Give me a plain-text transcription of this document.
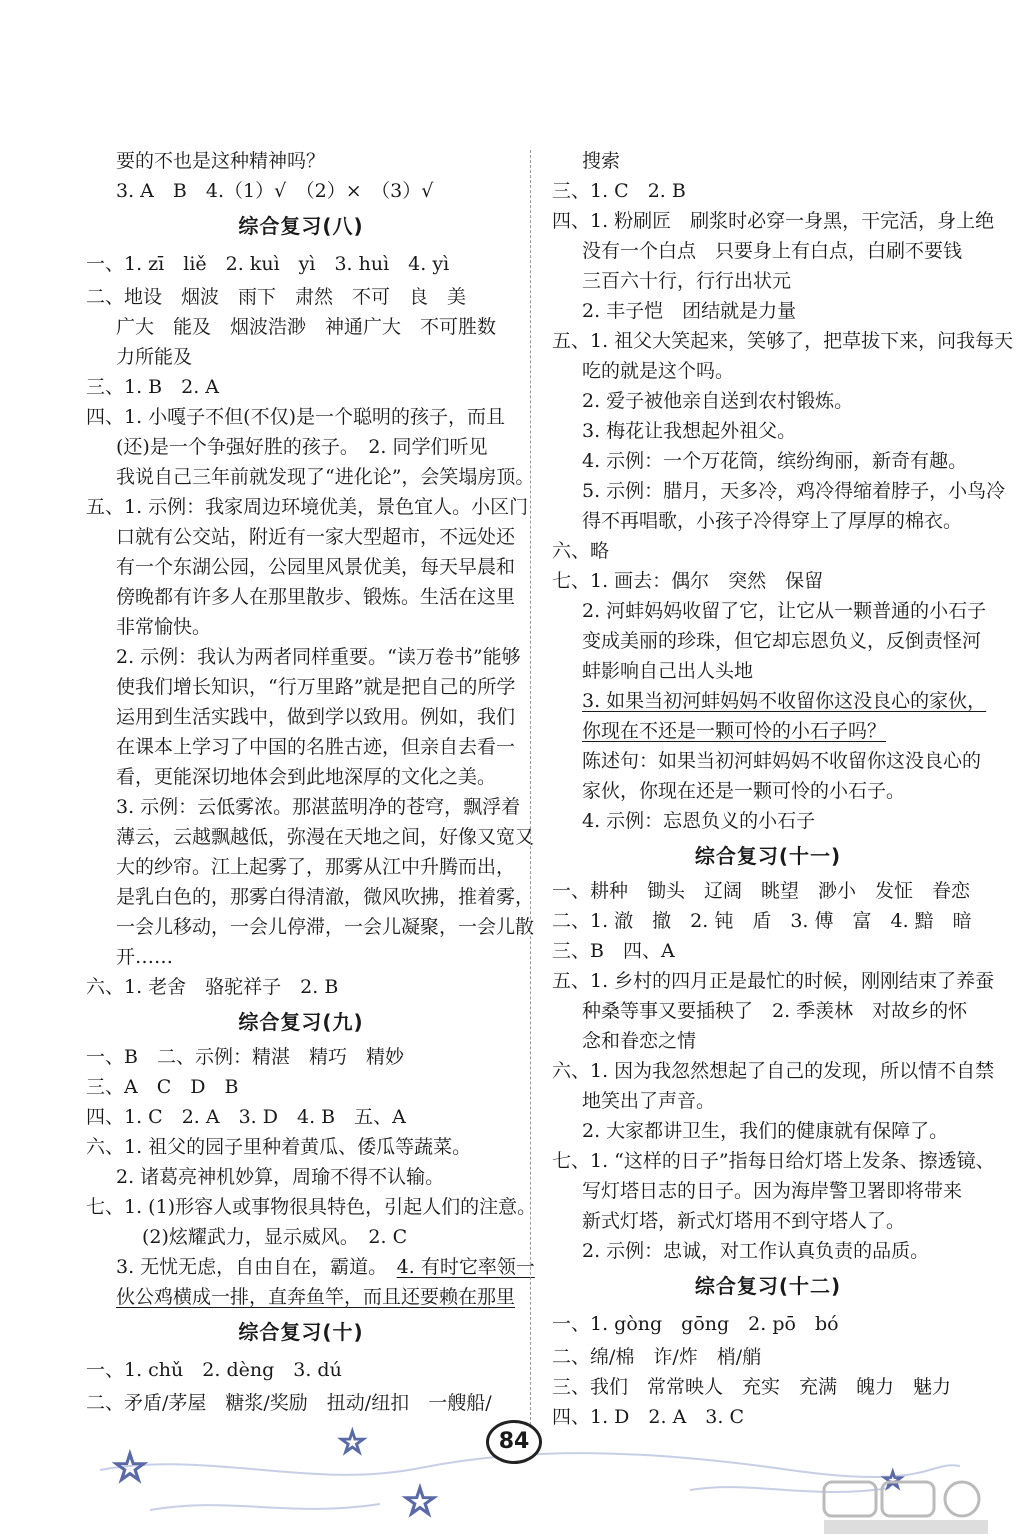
要的不也是这种精神吗？
3. A　B　4.（1）√　（2）×　（3）√
综合复习(八)
一、1. zī　liě　2. kuì　yì　3. huì　4. yì
二、地设　烟波　雨下　肃然　不可　良　美
广大　能及　烟波浩渺　神通广大　不可胜数
力所能及
三、1. B　2. A
四、1. 小嘎子不但(不仅)是一个聪明的孩子，而且
(还)是一个争强好胜的孩子。　2. 同学们听见
我说自己三年前就发现了“进化论”，会笑塌房顶。
五、1. 示例：我家周边环境优美，景色宜人。小区门
口就有公交站，附近有一家大型超市，不远处还
有一个东湖公园，公园里风景优美，每天早晨和
傍晚都有许多人在那里散步、锻炼。生活在这里
非常愉快。
2. 示例：我认为两者同样重要。“读万卷书”能够
使我们增长知识，“行万里路”就是把自己的所学
运用到生活实践中，做到学以致用。例如，我们
在课本上学习了中国的名胜古迹，但亲自去看一
看，更能深切地体会到此地深厚的文化之美。
3. 示例：云低雾浓。那湛蓝明净的苍穹，飘浮着
薄云，云越飘越低，弥漫在天地之间，好像又宽又
大的纱帘。江上起雾了，那雾从江中升腾而出，
是乳白色的，那雾白得清澈，微风吹拂，推着雾，
一会儿移动，一会儿停滞，一会儿凝聚，一会儿散
开……
六、1. 老舍　骆驼祥子　2. B
综合复习(九)
一、B　二、示例：精湛　精巧　精妙
三、A　C　D　B
四、1. C　2. A　3. D　4. B　五、A
六、1. 祖父的园子里种着黄瓜、倭瓜等蔬菜。
2. 诸葛亮神机妙算，周瑜不得不认输。
七、1. (1)形容人或事物很具特色，引起人们的注意。
(2)炫耀武力，显示威风。　2. C
3. 无忧无虑，自由自在，霸道。　4. 有时它率领一
伙公鸡横成一排，直奔鱼竿，而且还要赖在那里
综合复习(十)
一、1. chǔ　2. dèng　3. dú
二、矛盾/茅屋　糖浆/奖励　扭动/纽扣　一艘船/
搜索
三、1. C　2. B
四、1. 粉刷匠　刷浆时必穿一身黑，干完活，身上绝
没有一个白点　只要身上有白点，白刷不要钱
三百六十行，行行出状元
2. 丰子恺　团结就是力量
五、1. 祖父大笑起来，笑够了，把草拔下来，问我每天
吃的就是这个吗。
2. 爱子被他亲自送到农村锻炼。
3. 梅花让我想起外祖父。
4. 示例：一个万花筒，缤纷绚丽，新奇有趣。
5. 示例：腊月，天多冷，鸡冷得缩着脖子，小鸟冷
得不再唱歌，小孩子冷得穿上了厚厚的棉衣。
六、略
七、1. 画去：偶尔　突然　保留
2. 河蚌妈妈收留了它，让它从一颗普通的小石子
变成美丽的珍珠，但它却忘恩负义，反倒责怪河
蚌影响自己出人头地
3. 如果当初河蚌妈妈不收留你这没良心的家伙，
你现在不还是一颗可怜的小石子吗？
陈述句：如果当初河蚌妈妈不收留你这没良心的
家伙，你现在还是一颗可怜的小石子。
4. 示例：忘恩负义的小石子
综合复习(十一)
一、耕种　锄头　辽阔　眺望　渺小　发怔　眷恋
二、1. 澈　撤　2. 钝　盾　3. 傅　富　4. 黯　暗
三、B　四、A
五、1. 乡村的四月正是最忙的时候，刚刚结束了养蚕
种桑等事又要插秧了　2. 季羡林　对故乡的怀
念和眷恋之情
六、1. 因为我忽然想起了自己的发现，所以情不自禁
地笑出了声音。
2. 大家都讲卫生，我们的健康就有保障了。
七、1. “这样的日子”指每日给灯塔上发条、擦透镜、
写灯塔日志的日子。因为海岸警卫署即将带来
新式灯塔，新式灯塔用不到守塔人了。
2. 示例：忠诚，对工作认真负责的品质。
综合复习(十二)
一、1. gòng　gōng　2. pō　bó
二、绵/棉　诈/炸　梢/艄
三、我们　常常映人　充实　充满　魄力　魅力
四、1. D　2. A　3. C
☆
☆
☆	☆
84
